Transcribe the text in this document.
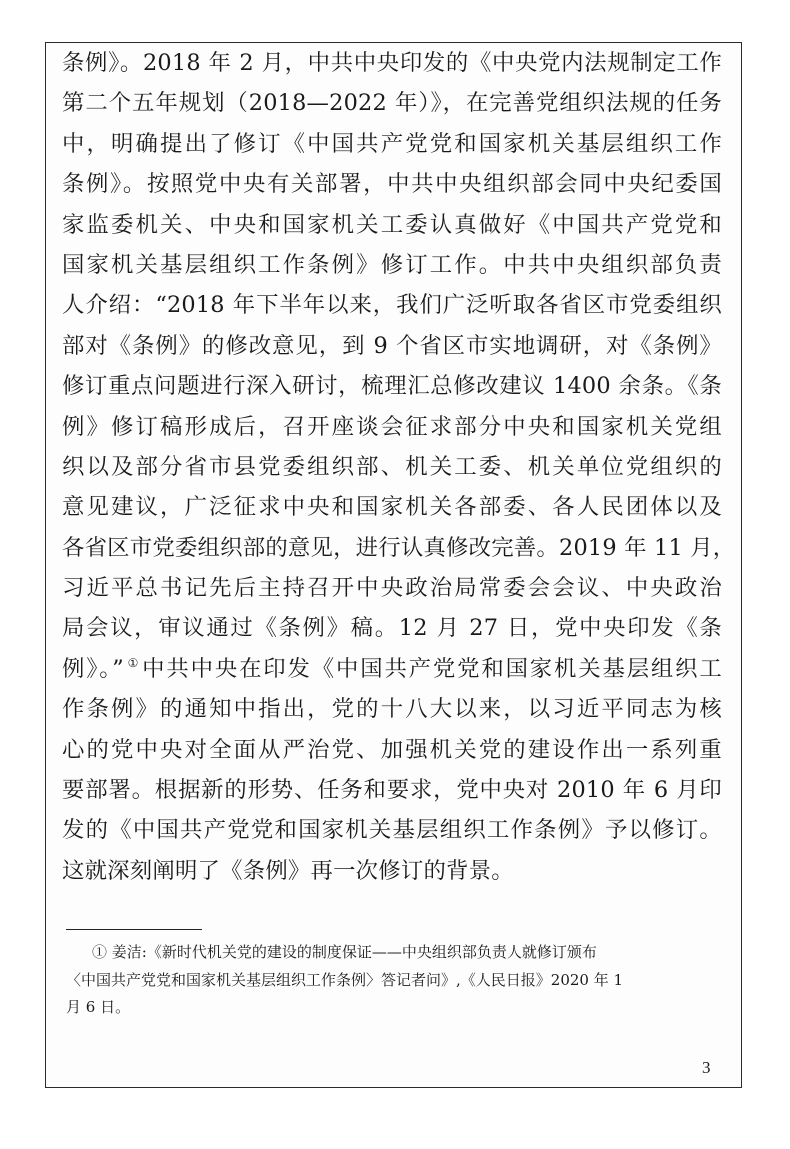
条例》。2018 年 2 月，中共中央印发的《中央党内法规制定工作
第二个五年规划（2018—2022 年）》，在完善党组织法规的任务
中，明确提出了修订《中国共产党党和国家机关基层组织工作
条例》。按照党中央有关部署，中共中央组织部会同中央纪委国
家监委机关、中央和国家机关工委认真做好《中国共产党党和
国家机关基层组织工作条例》修订工作。中共中央组织部负责
人介绍：“2018 年下半年以来，我们广泛听取各省区市党委组织
部对《条例》的修改意见，到 9 个省区市实地调研，对《条例》
修订重点问题进行深入研讨，梳理汇总修改建议 1400 余条。《条
例》修订稿形成后，召开座谈会征求部分中央和国家机关党组
织以及部分省市县党委组织部、机关工委、机关单位党组织的
意见建议，广泛征求中央和国家机关各部委、各人民团体以及
各省区市党委组织部的意见，进行认真修改完善。2019 年 11 月，
习近平总书记先后主持召开中央政治局常委会会议、中央政治
局会议，审议通过《条例》稿。12 月 27 日，党中央印发《条
例》。” ①中共中央在印发《中国共产党党和国家机关基层组织工
作条例》的通知中指出，党的十八大以来，以习近平同志为核
心的党中央对全面从严治党、加强机关党的建设作出一系列重
要部署。根据新的形势、任务和要求，党中央对 2010 年 6 月印
发的《中国共产党党和国家机关基层组织工作条例》予以修订。
这就深刻阐明了《条例》再一次修订的背景。
① 姜洁:《新时代机关党的建设的制度保证——中央组织部负责人就修订颁布
〈中国共产党党和国家机关基层组织工作条例〉答记者问》,《人民日报》2020 年 1
月 6 日。
3
